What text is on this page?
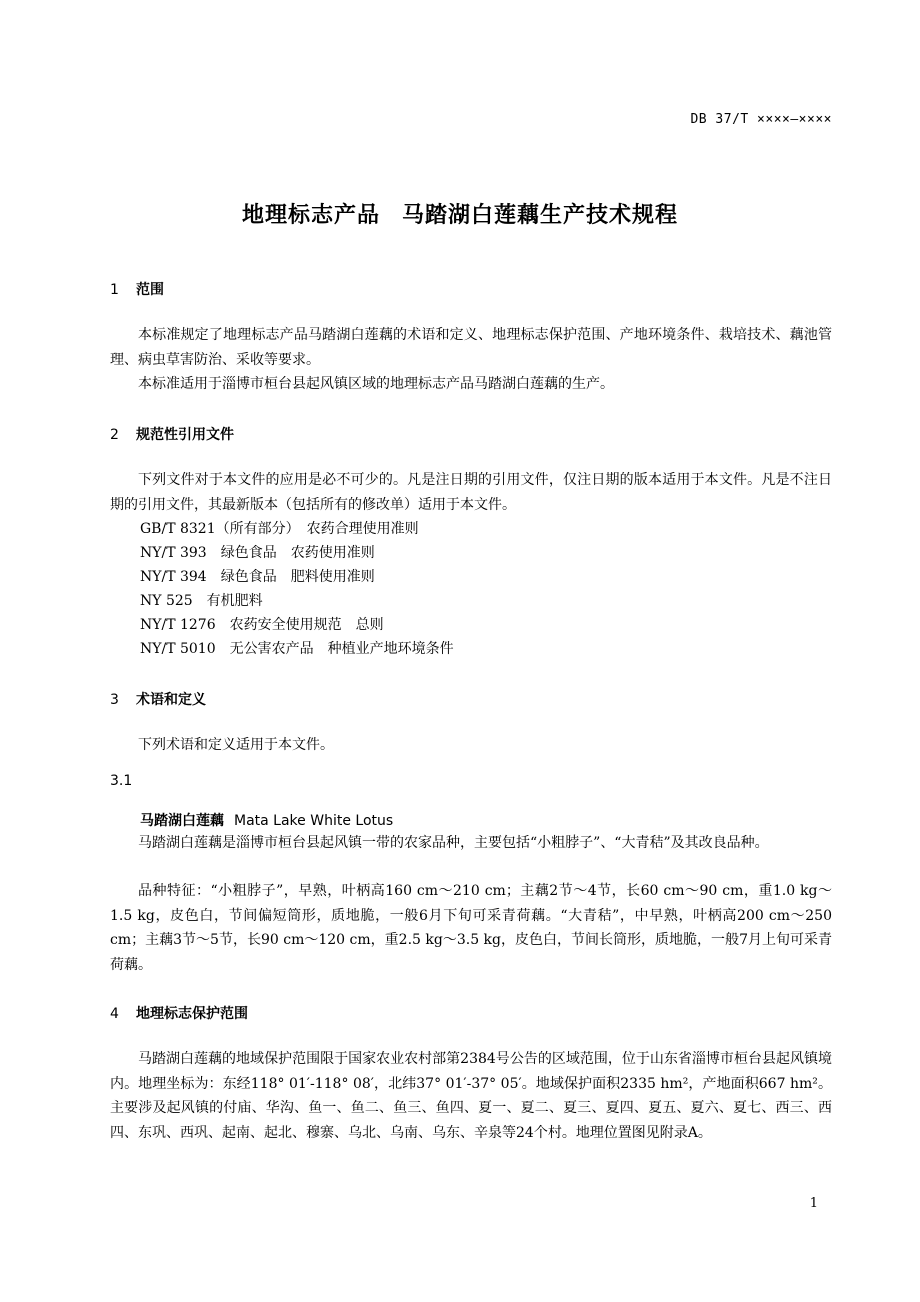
DB 37/T ××××—××××
地理标志产品 马踏湖白莲藕生产技术规程
1 范围
本标准规定了地理标志产品马踏湖白莲藕的术语和定义、地理标志保护范围、产地环境条件、栽培技术、藕池管理、病虫草害防治、采收等要求。
本标准适用于淄博市桓台县起风镇区域的地理标志产品马踏湖白莲藕的生产。
2 规范性引用文件
下列文件对于本文件的应用是必不可少的。凡是注日期的引用文件，仅注日期的版本适用于本文件。凡是不注日期的引用文件，其最新版本（包括所有的修改单）适用于本文件。
GB/T 8321（所有部分）　农药合理使用准则
NY/T 393　绿色食品　农药使用准则
NY/T 394　绿色食品　肥料使用准则
NY 525　有机肥料
NY/T 1276　农药安全使用规范　总则
NY/T 5010　无公害农产品　种植业产地环境条件
3 术语和定义
下列术语和定义适用于本文件。
3.1
马踏湖白莲藕 Mata Lake White Lotus
马踏湖白莲藕是淄博市桓台县起风镇一带的农家品种，主要包括“小粗脖子”、“大青秸”及其改良品种。
品种特征：“小粗脖子”，早熟，叶柄高160 cm～210 cm；主藕2节～4节，长60 cm～90 cm，重1.0 kg～1.5 kg，皮色白，节间偏短筒形，质地脆，一般6月下旬可采青荷藕。“大青秸”，中早熟，叶柄高200 cm～250 cm；主藕3节～5节，长90 cm～120 cm，重2.5 kg～3.5 kg，皮色白，节间长筒形，质地脆，一般7月上旬可采青荷藕。
4 地理标志保护范围
马踏湖白莲藕的地域保护范围限于国家农业农村部第2384号公告的区域范围，位于山东省淄博市桓台县起风镇境内。地理坐标为：东经118° 01′-118° 08′，北纬37° 01′-37° 05′。地域保护面积2335 hm²，产地面积667 hm²。主要涉及起风镇的付庙、华沟、鱼一、鱼二、鱼三、鱼四、夏一、夏二、夏三、夏四、夏五、夏六、夏七、西三、西四、东巩、西巩、起南、起北、穆寨、乌北、乌南、乌东、辛泉等24个村。地理位置图见附录A。
1
